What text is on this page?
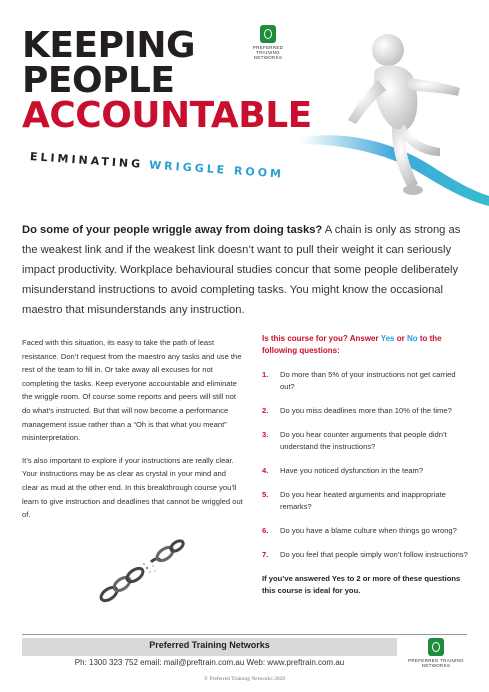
KEEPING
PEOPLE
ACCOUNTABLE
PREFERRED TRAINING NETWORKS
ELIMINATING WRIGGLE ROOM
Do some of your people wriggle away from doing tasks? A chain is only as strong as the weakest link and if the weakest link doesn’t want to pull their weight it can seriously impact productivity. Workplace behavioural studies concur that some people deliberately misunderstand instructions to avoid completing tasks. You might know the occasional maestro that misunderstands any instruction.

Faced with this situation, its easy to take the path of least resistance. Don’t request from the maestro any tasks and use the rest of the team to fill in. Or take away all excuses for not completing the tasks. Keep everyone accountable and eliminate the wriggle room. Of course some reports and peers will still not do what’s instructed. But that will now become a performance management issue rather than a “Oh is that what you meant” misinterpretation.

It’s also important to explore if your instructions are really clear. Your instructions may be as clear as crystal in your mind and clear as mud at the other end. In this breakthrough course you’ll learn to give instruction and deadlines that cannot be wriggled out of.

Is this course for you? Answer Yes or No to the following questions:
1.	Do more than 5% of your instructions not get carried out?
2.	Do you miss deadlines more than 10% of the time?
3.	Do you hear counter arguments that people didn’t understand the instructions?
4.	Have you noticed dysfunction in the team?
5.	Do you hear heated arguments and inappropriate remarks?
6.	Do you have a blame culture when things go wrong?
7.	Do you feel that people simply won’t follow instructions?
If you’ve answered Yes to 2 or more of these questions this course is ideal for you.
Preferred Training Networks
Ph: 1300 323 752 email: mail@preftrain.com.au Web: www.preftrain.com.au	PREFERRED TRAINING NETWORKS
© Preferred Training Networks 2020
